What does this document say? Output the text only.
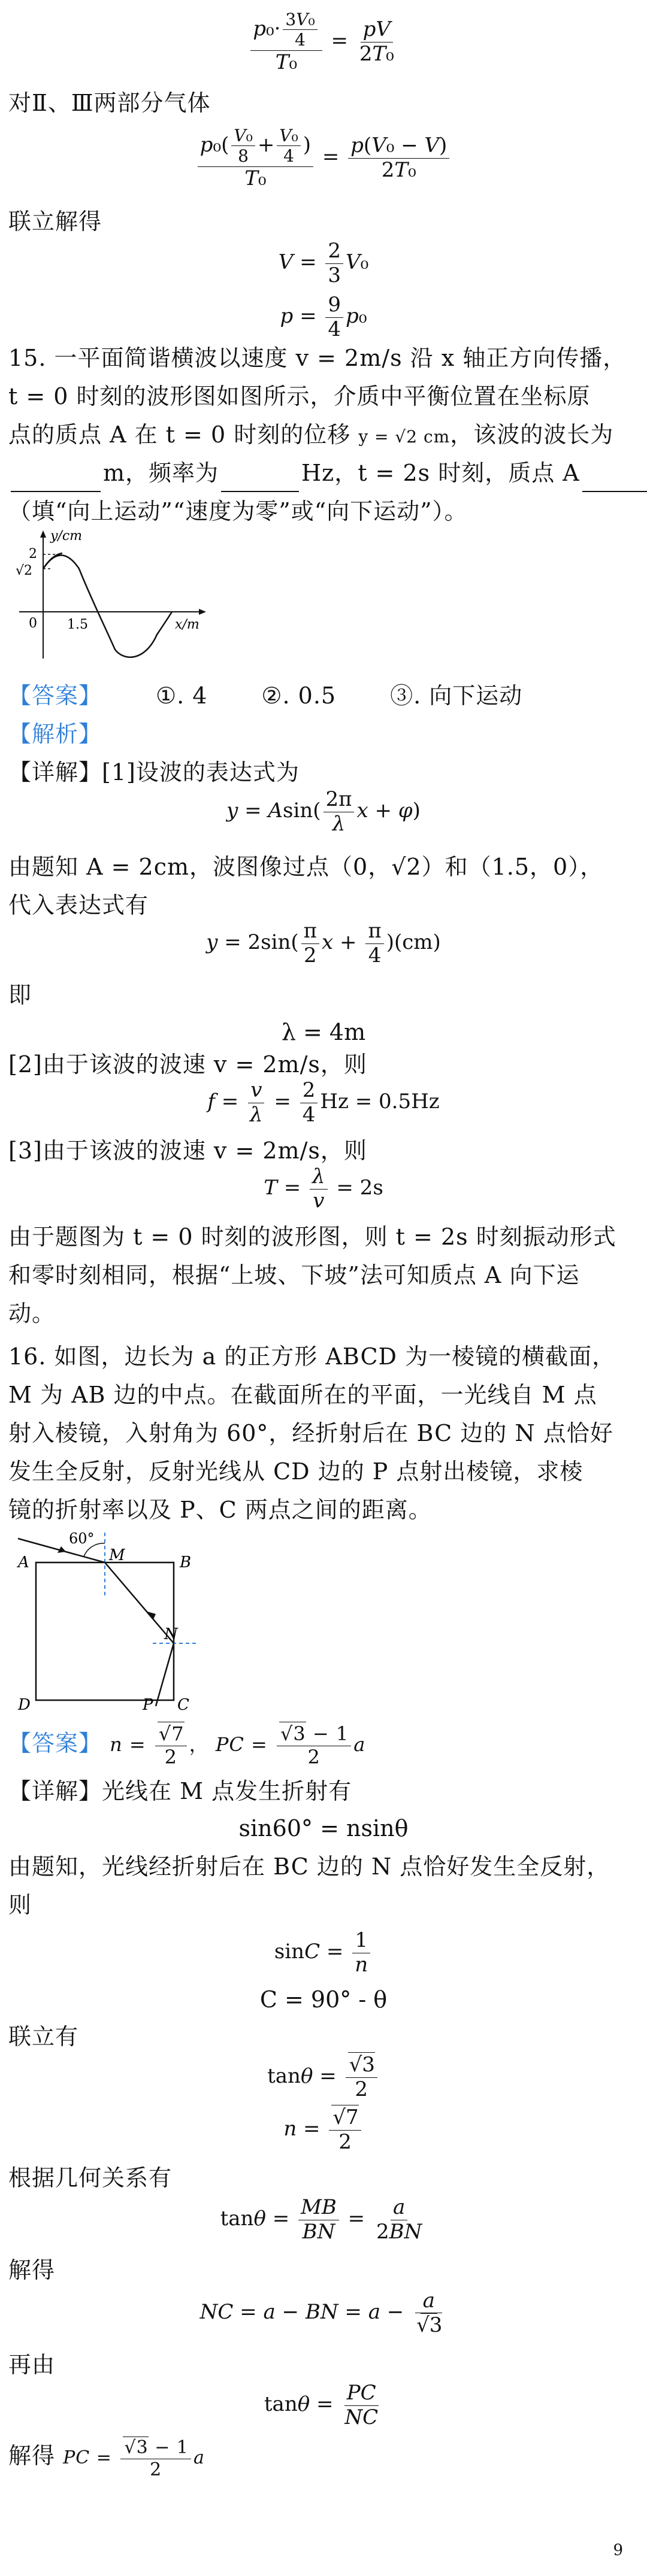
$\frac{p_0\cdot \frac{\text{3V₀}}{4}}{\text{T₀}} = \frac{pV}{\text{2T₀}}$
对Ⅱ、Ⅲ两部分气体
$\frac{p_0( \frac{\text{V₀}}{8} + \frac{\text{V₀}}{4} )}{\text{T₀}} = \frac{\text{p(V₀ − V)}}{\text{2T₀}}$
联立解得
$V = \frac{2}{3} V_0$
$p = \frac{9}{4} p_0$
15. 一平面简谐横波以速度 v = 2m/s 沿 x 轴正方向传播，
t = 0 时刻的波形图如图所示，介质中平衡位置在坐标原
点的质点 A 在 t = 0 时刻的位移 y = √2 cm，该波的波长为
m，频率为	Hz，t = 2s 时刻，质点 A
（填“向上运动”“速度为零”或“向下运动”）。
y/cm
2
√2
0 1.5	x/m
【答案】 ①. 4 ②. 0.5 ③. 向下运动
【解析】
【详解】[1]设波的表达式为
$y = Asin( \frac{2\pi}{\lambda}$ x + φ)
由题知 A = 2cm，波图像过点（0，√2）和（1.5，0），
代入表达式有
$y = 2\sin( \frac{\pi}{2}$ $x + \frac{\pi}{4} )(cm)$
即
λ = 4m
[2]由于该波的波速 v = 2m/s，则
$f = \frac{v}{\lambda} = \frac{2}{4}$ Hz = 0.5Hz
[3]由于该波的波速 v = 2m/s，则
$T = \frac{\lambda}{v} = 2s$
由于题图为 t = 0 时刻的波形图，则 t = 2s 时刻振动形式
和零时刻相同，根据“上坡、下坡”法可知质点 A 向下运
动。
16. 如图，边长为 a 的正方形 ABCD 为一棱镜的横截面，
M 为 AB 边的中点。在截面所在的平面，一光线自 M 点
射入棱镜，入射角为 60°，经折射后在 BC 边的 N 点恰好
发生全反射，反射光线从 CD 边的 P 点射出棱镜，求棱
镜的折射率以及 P、C 两点之间的距离。
60°
A	B
M
N
D	P C
【答案】 $n = \frac{√7}{2}$ ， PC = $\frac{√3 - 1}{2}$ a
【详解】光线在 M 点发生折射有
sin60° = nsinθ
由题知，光线经折射后在 BC 边的 N 点恰好发生全反射，
则
$\sin C = \frac{1}{n}$
C = 90° - θ
联立有
$\tan\theta = \frac{√3}{2}$
$n = \frac{√7}{2}$
根据几何关系有
$\tan\theta = \frac{MB}{BN} = \frac{a}{2BN}$
解得
NC = a − BN = $a - \frac{a}{√3}$
再由
$\tan\theta = \frac{PC}{NC}$
解得 PC = $\frac{√3 - 1}{2}$ a
9
